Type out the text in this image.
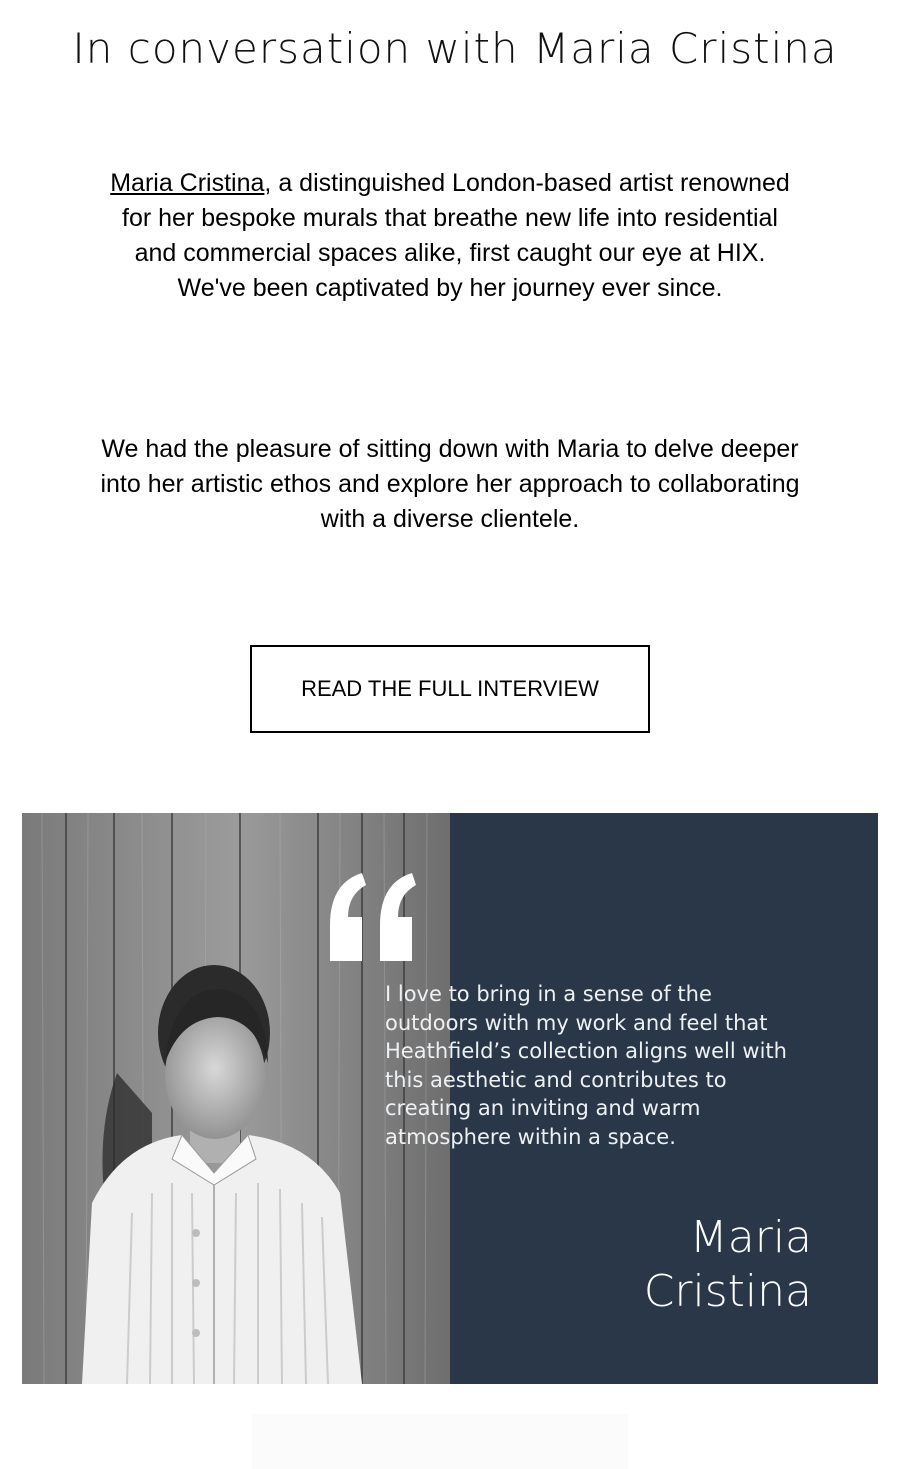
In conversation with Maria Cristina

Maria Cristina, a distinguished London-based artist renowned for her bespoke murals that breathe new life into residential and commercial spaces alike, first caught our eye at HIX. We've been captivated by her journey ever since.

We had the pleasure of sitting down with Maria to delve deeper into her artistic ethos and explore her approach to collaborating with a diverse clientele.

READ THE FULL INTERVIEW

I love to bring in a sense of the outdoors with my work and feel that Heathfield’s collection aligns well with this aesthetic and contributes to creating an inviting and warm atmosphere within a space.

Maria
Cristina
